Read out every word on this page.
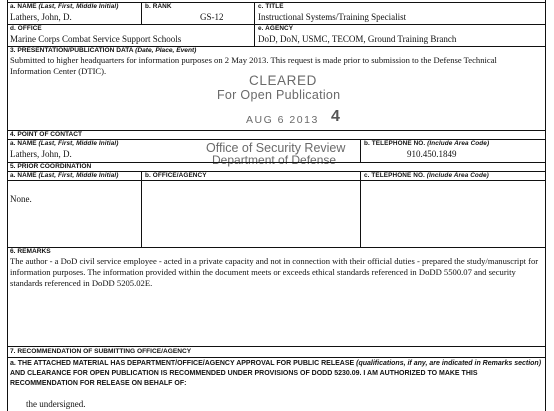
a. NAME (Last, First, Middle Initial)
Lathers, John, D.
b. RANK
GS-12
c. TITLE
Instructional Systems/Training Specialist
d. OFFICE
Marine Corps Combat Service Support Schools
e. AGENCY
DoD, DoN, USMC, TECOM, Ground Training Branch
3. PRESENTATION/PUBLICATION DATA (Date, Place, Event)
Submitted to higher headquarters for information purposes on 2 May 2013. This request is made prior to submission to the Defense Technical Information Center (DTIC).
CLEARED
For Open Publication
AUG 6 2013 4
4. POINT OF CONTACT
a. NAME (Last, First, Middle Initial)
Lathers, John, D.
b. TELEPHONE NO. (Include Area Code)
910.450.1849
Office of Security Review
Department of Defense
5. PRIOR COORDINATION
a. NAME (Last, First, Middle Initial)	b. OFFICE/AGENCY	c. TELEPHONE NO. (Include Area Code)
None.
6. REMARKS
The author - a DoD civil service employee - acted in a private capacity and not in connection with their official duties - prepared the study/manuscript for information purposes. The information provided within the document meets or exceeds ethical standards referenced in DoDD 5500.07 and security standards referenced in DoDD 5205.02E.
7. RECOMMENDATION OF SUBMITTING OFFICE/AGENCY
a. THE ATTACHED MATERIAL HAS DEPARTMENT/OFFICE/AGENCY APPROVAL FOR PUBLIC RELEASE (qualifications, if any, are indicated in Remarks section) AND CLEARANCE FOR OPEN PUBLICATION IS RECOMMENDED UNDER PROVISIONS OF DODD 5230.09. I AM AUTHORIZED TO MAKE THIS RECOMMENDATION FOR RELEASE ON BEHALF OF:
the undersigned.
